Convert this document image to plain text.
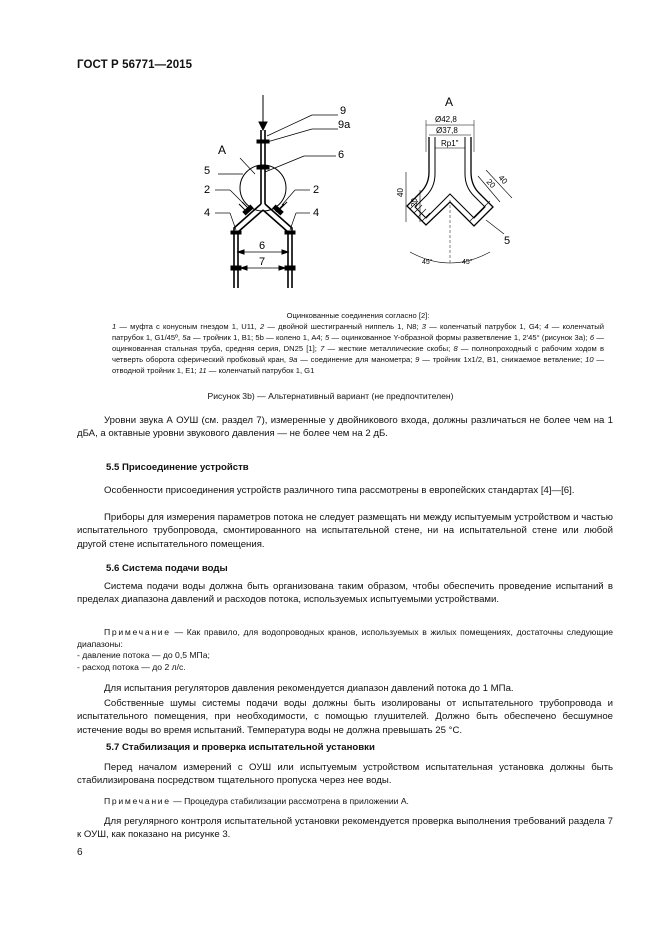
ГОСТ Р 56771—2015
9
9a
A	6
5
2	2
4	4
6
7
A
Ø42,8
Ø37,8
Rp1"
40
20
20 40
5
45°	45°
Оцинкованные соединения согласно [2]:
1 — муфта с конусным гнездом 1, U11, 2 — двойной шестигранный ниппель 1, N8; 3 — коленчатый патрубок 1, G4; 4 — коленчатый патрубок 1, G1/45º, 5a — тройник 1, В1; 5b — колено 1, А4; 5 — оцинкованное Y-образной формы разветвление 1, 2′45° (рисунок 3а); 6 — оцинкованная стальная труба, средняя серия, DN25 [1]; 7 — жесткие металлические скобы; 8 — полнопроходный с рабочим ходом в четверть оборота сферический пробковый кран, 9a — соединение для манометра; 9 — тройник 1х1/2, В1, снижаемое ветвление; 10 — отводной тройник 1, Е1; 11 — коленчатый патрубок 1, G1
Рисунок 3b) — Альтернативный вариант (не предпочтителен)
Уровни звука А ОУШ (см. раздел 7), измеренные у двойникового входа, должны различаться не более чем на 1 дБА, а октавные уровни звукового давления — не более чем на 2 дБ.
5.5 Присоединение устройств
Особенности присоединения устройств различного типа рассмотрены в европейских стандартах [4]—[6].
Приборы для измерения параметров потока не следует размещать ни между испытуемым устройством и частью испытательного трубопровода, смонтированного на испытательной стене, ни на испытательной стене или любой другой стене испытательного помещения.
5.6 Система подачи воды
Система подачи воды должна быть организована таким образом, чтобы обеспечить проведение испытаний в пределах диапазона давлений и расходов потока, используемых испытуемыми устройствами.
Примечание — Как правило, для водопроводных кранов, используемых в жилых помещениях, достаточны следующие диапазоны:
- давление потока — до 0,5 МПа;
- расход потока — до 2 л/с.
Для испытания регуляторов давления рекомендуется диапазон давлений потока до 1 МПа.
Собственные шумы системы подачи воды должны быть изолированы от испытательного трубопровода и испытательного помещения, при необходимости, с помощью глушителей. Должно быть обеспечено бесшумное истечение воды во время испытаний. Температура воды не должна превышать 25 °С.
5.7 Стабилизация и проверка испытательной установки
Перед началом измерений с ОУШ или испытуемым устройством испытательная установка должны быть стабилизирована посредством тщательного пропуска через нее воды.
Примечание — Процедура стабилизации рассмотрена в приложении А.
Для регулярного контроля испытательной установки рекомендуется проверка выполнения требований раздела 7 к ОУШ, как показано на рисунке 3.
6
